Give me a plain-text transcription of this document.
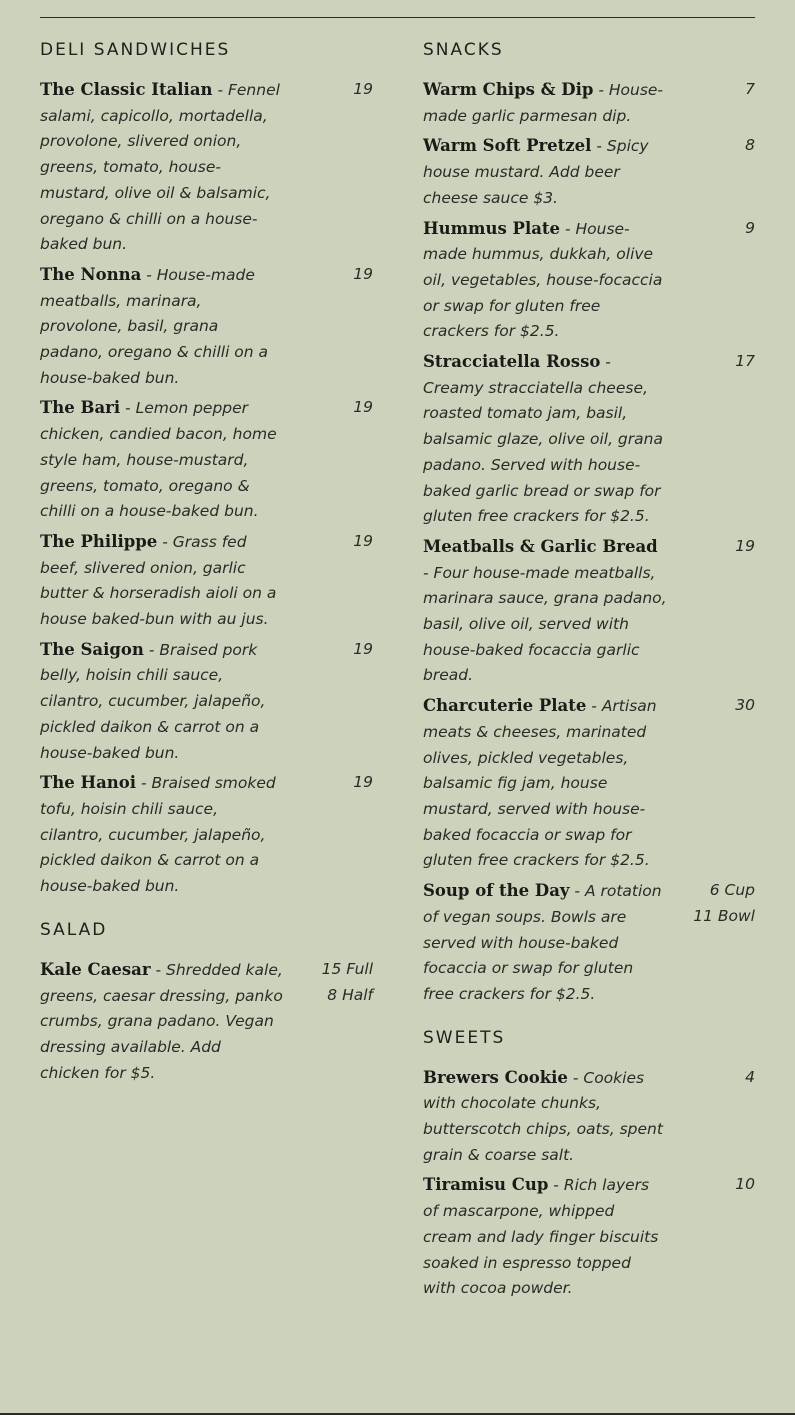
DELI SANDWICHES
The Classic Italian - Fennel salami, capicollo, mortadella, provolone, slivered onion, greens, tomato, house-mustard, olive oil & balsamic, oregano & chilli on a house-baked bun.
19
The Nonna - House-made meatballs, marinara, provolone, basil, grana padano, oregano & chilli on a house-baked bun.
19
The Bari - Lemon pepper chicken, candied bacon, home style ham, house-mustard, greens, tomato, oregano & chilli on a house-baked bun.
19
The Philippe - Grass fed beef, slivered onion, garlic butter & horseradish aioli on a house baked-bun with au jus.
19
The Saigon - Braised pork belly, hoisin chili sauce, cilantro, cucumber, jalapeño, pickled daikon & carrot on a house-baked bun.
19
The Hanoi - Braised smoked tofu, hoisin chili sauce, cilantro, cucumber, jalapeño, pickled daikon & carrot on a house-baked bun.
19
SALAD
Kale Caesar - Shredded kale, greens, caesar dressing, panko crumbs, grana padano. Vegan dressing available. Add chicken for $5.
15 Full
8 Half
SNACKS
Warm Chips & Dip - House-made garlic parmesan dip.
7
Warm Soft Pretzel - Spicy house mustard. Add beer cheese sauce $3.
8
Hummus Plate - House-made hummus, dukkah, olive oil, vegetables, house-focaccia or swap for gluten free crackers for $2.5.
9
Stracciatella Rosso - Creamy stracciatella cheese, roasted tomato jam, basil, balsamic glaze, olive oil, grana padano. Served with house-baked garlic bread or swap for gluten free crackers for $2.5.
17
Meatballs & Garlic Bread - Four house-made meatballs, marinara sauce, grana padano, basil, olive oil, served with house-baked focaccia garlic bread.
19
Charcuterie Plate - Artisan meats & cheeses, marinated olives, pickled vegetables, balsamic fig jam, house mustard, served with house-baked focaccia or swap for gluten free crackers for $2.5.
30
Soup of the Day - A rotation of vegan soups. Bowls are served with house-baked focaccia or swap for gluten free crackers for $2.5.
6 Cup
11 Bowl
SWEETS
Brewers Cookie - Cookies with chocolate chunks, butterscotch chips, oats, spent grain & coarse salt.
4
Tiramisu Cup - Rich layers of mascarpone, whipped cream and lady finger biscuits soaked in espresso topped with cocoa powder.
10
